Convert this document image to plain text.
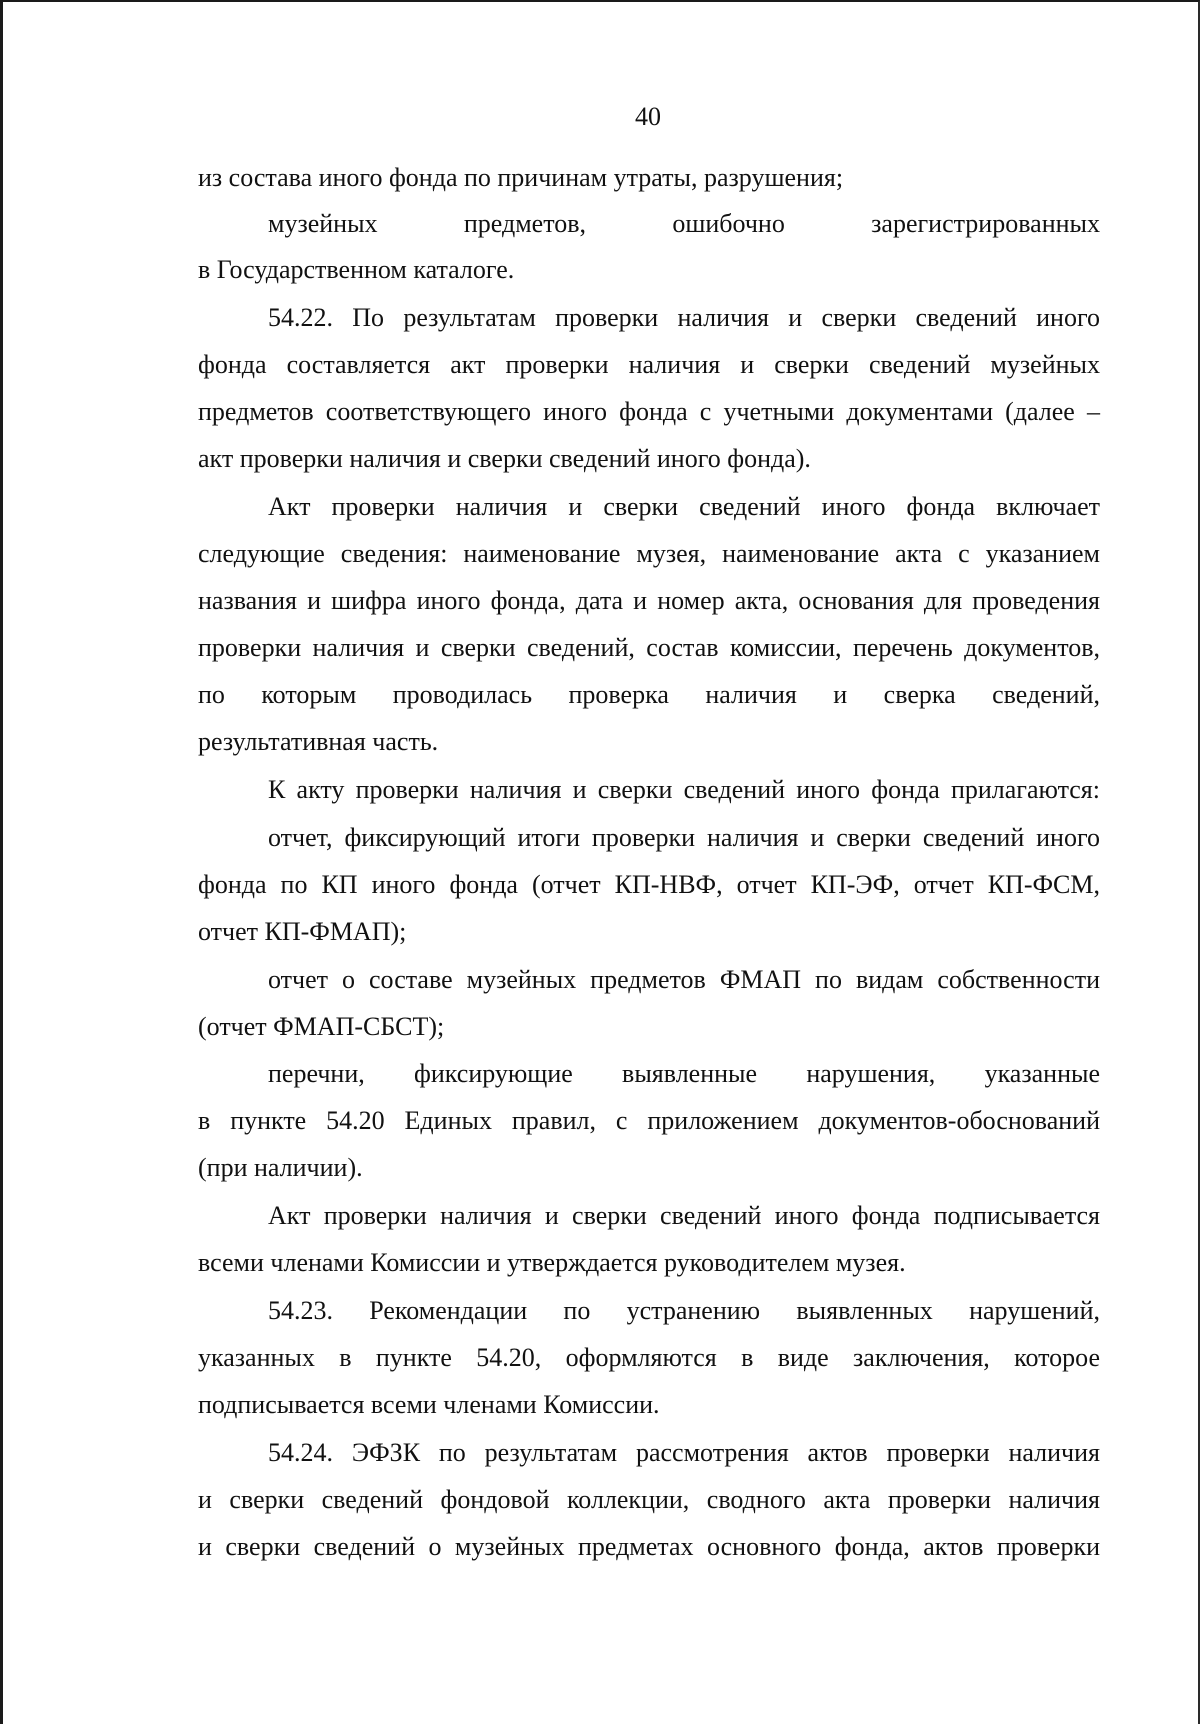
40
из состава иного фонда по причинам утраты, разрушения;
музейных предметов, ошибочно зарегистрированных
в Государственном каталоге.
54.22. По результатам проверки наличия и сверки сведений иного
фонда составляется акт проверки наличия и сверки сведений музейных
предметов соответствующего иного фонда с учетными документами (далее –
акт проверки наличия и сверки сведений иного фонда).
Акт проверки наличия и сверки сведений иного фонда включает
следующие сведения: наименование музея, наименование акта с указанием
названия и шифра иного фонда, дата и номер акта, основания для проведения
проверки наличия и сверки сведений, состав комиссии, перечень документов,
по которым проводилась проверка наличия и сверка сведений,
результативная часть.
К акту проверки наличия и сверки сведений иного фонда прилагаются:
отчет, фиксирующий итоги проверки наличия и сверки сведений иного
фонда по КП иного фонда (отчет КП-НВФ, отчет КП-ЭФ, отчет КП-ФСМ,
отчет КП-ФМАП);
отчет о составе музейных предметов ФМАП по видам собственности
(отчет ФМАП-СБСТ);
перечни, фиксирующие выявленные нарушения, указанные
в пункте 54.20 Единых правил, с приложением документов-обоснований
(при наличии).
Акт проверки наличия и сверки сведений иного фонда подписывается
всеми членами Комиссии и утверждается руководителем музея.
54.23. Рекомендации по устранению выявленных нарушений,
указанных в пункте 54.20, оформляются в виде заключения, которое
подписывается всеми членами Комиссии.
54.24. ЭФЗК по результатам рассмотрения актов проверки наличия
и сверки сведений фондовой коллекции, сводного акта проверки наличия
и сверки сведений о музейных предметах основного фонда, актов проверки
